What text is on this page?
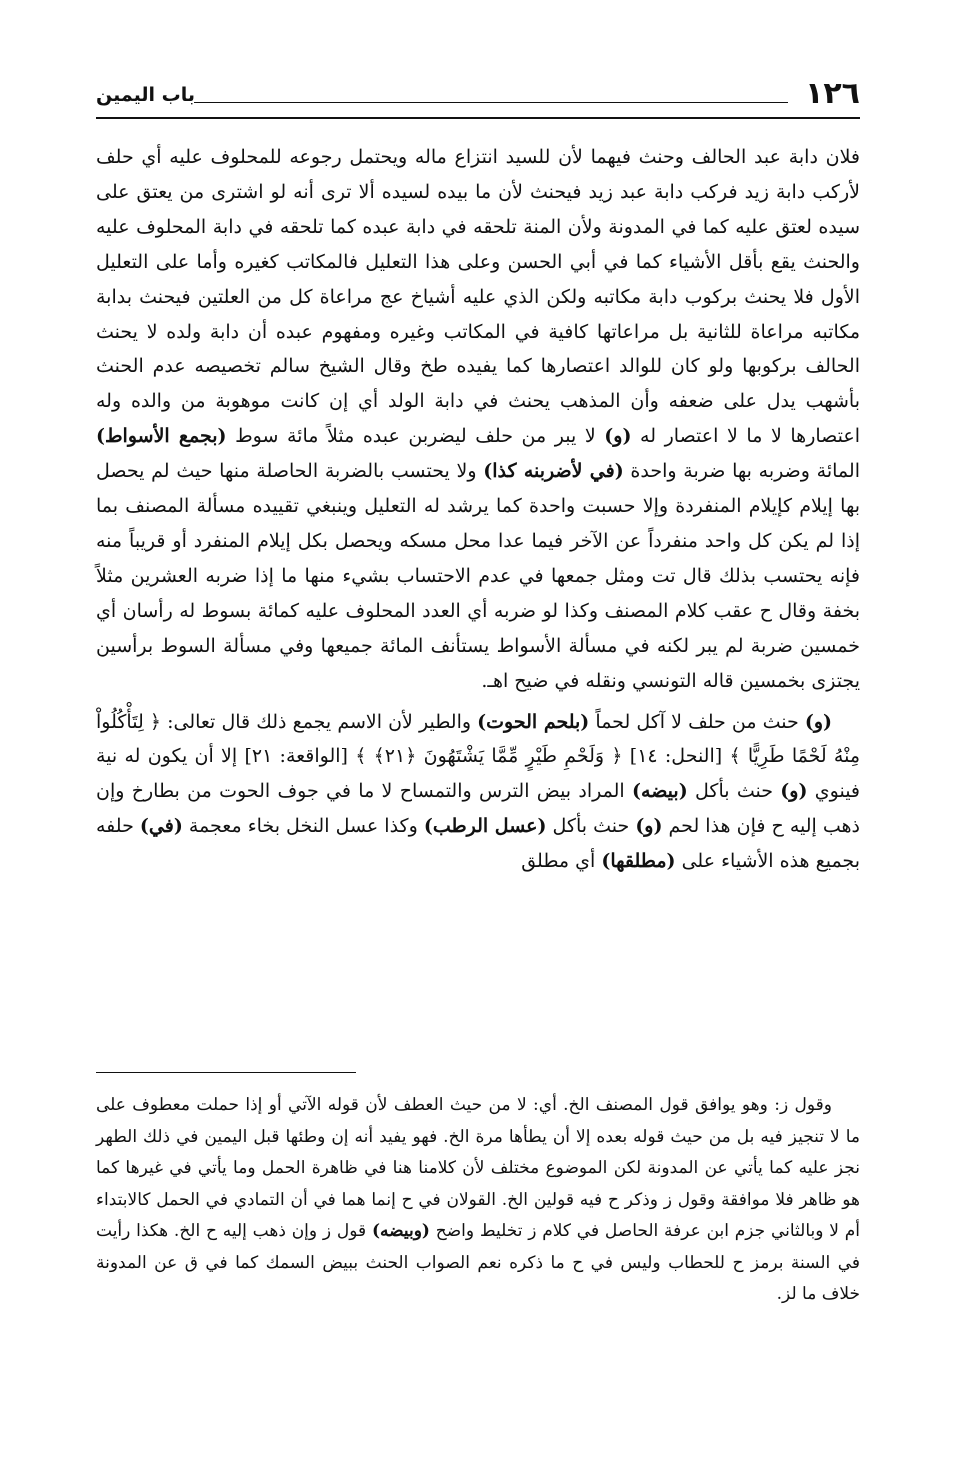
١٢٦
باب اليمين

فلان دابة عبد الحالف وحنث فيهما لأن للسيد انتزاع ماله ويحتمل رجوعه للمحلوف عليه أي حلف لأركب دابة زيد فركب دابة عبد زيد فيحنث لأن ما بيده لسيده ألا ترى أنه لو اشترى من يعتق على سيده لعتق عليه كما في المدونة ولأن المنة تلحقه في دابة عبده كما تلحقه في دابة المحلوف عليه والحنث يقع بأقل الأشياء كما في أبي الحسن وعلى هذا التعليل فالمكاتب كغيره وأما على التعليل الأول فلا يحنث بركوب دابة مكاتبه ولكن الذي عليه أشياخ عج مراعاة كل من العلتين فيحنث بدابة مكاتبه مراعاة للثانية بل مراعاتها كافية في المكاتب وغيره ومفهوم عبده أن دابة ولده لا يحنث الحالف بركوبها ولو كان للوالد اعتصارها كما يفيده طخ وقال الشيخ سالم تخصيصه عدم الحنث بأشهب يدل على ضعفه وأن المذهب يحنث في دابة الولد أي إن كانت موهوبة من والده وله اعتصارها لا ما لا اعتصار له (و) لا يبر من حلف ليضربن عبده مثلاً مائة سوط (بجمع الأسواط) المائة وضربه بها ضربة واحدة (في لأضربنه كذا) ولا يحتسب بالضربة الحاصلة منها حيث لم يحصل بها إيلام كإيلام المنفردة وإلا حسبت واحدة كما يرشد له التعليل وينبغي تقييده مسألة المصنف بما إذا لم يكن كل واحد منفرداً عن الآخر فيما عدا محل مسكه ويحصل بكل إيلام المنفرد أو قريباً منه فإنه يحتسب بذلك قال تت ومثل جمعها في عدم الاحتساب بشيء منها ما إذا ضربه العشرين مثلاً بخفة وقال ح عقب كلام المصنف وكذا لو ضربه أي العدد المحلوف عليه كمائة بسوط له رأسان أي خمسين ضربة لم يبر لكنه في مسألة الأسواط يستأنف المائة جميعها وفي مسألة السوط برأسين يجتزى بخمسين قاله التونسي ونقله في ضيح اهـ.

(و) حنث من حلف لا آكل لحماً (بلحم الحوت) والطير لأن الاسم يجمع ذلك قال تعالى: ﴿ لِتَأْكُلُواْ مِنْهُ لَحْمًا طَرِيًّا ﴾ [النحل: ١٤] ﴿ وَلَحْمِ طَيْرٍ مِّمَّا يَشْتَهُونَ ﴿٢١﴾ ﴾ [الواقعة: ٢١] إلا أن يكون له نية فينوي (و) حنث بأكل (بيضه) المراد بيض الترس والتمساح لا ما في جوف الحوت من بطارخ وإن ذهب إليه ح فإن هذا لحم (و) حنث بأكل (عسل الرطب) وكذا عسل النخل بخاء معجمة (في) حلفه بجميع هذه الأشياء على (مطلقها) أي مطلق

وقول ز: وهو يوافق قول المصنف الخ. أي: لا من حيث العطف لأن قوله الآتي أو إذا حملت معطوف على ما لا تنجيز فيه بل من حيث قوله بعده إلا أن يطأها مرة الخ. فهو يفيد أنه إن وطئها قبل اليمين في ذلك الطهر نجز عليه كما يأتي عن المدونة لكن الموضوع مختلف لأن كلامنا هنا في ظاهرة الحمل وما يأتي في غيرها كما هو ظاهر فلا موافقة وقول ز وذكر ح فيه قولين الخ. القولان في ح إنما هما في أن التمادي في الحمل كالابتداء أم لا وبالثاني جزم ابن عرفة الحاصل في كلام ز تخليط واضح (وبيضه) قول ز وإن ذهب إليه ح الخ. هكذا رأيت في السنة برمز ح للحطاب وليس في ح ما ذكره نعم الصواب الحنث ببيض السمك كما في ق عن المدونة خلاف ما لز.
